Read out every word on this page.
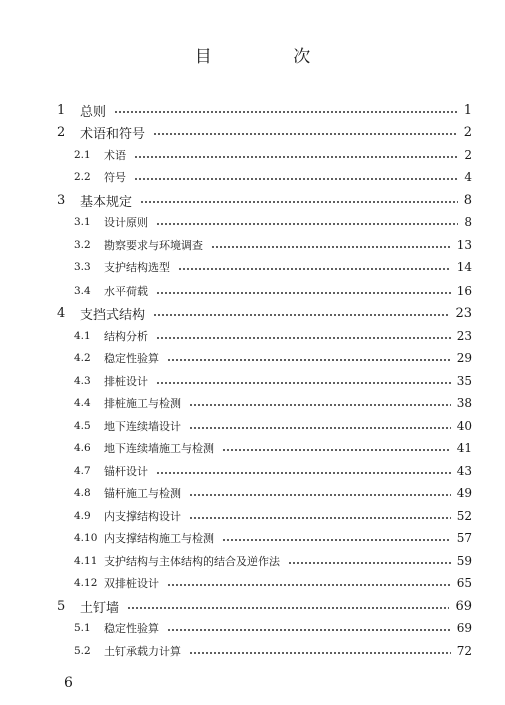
目 次
1 总则	1
2 术语和符号	2
2.1 术语	2
2.2 符号	4
3 基本规定	8
3.1 设计原则	8
3.2 勘察要求与环境调查	13
3.3 支护结构选型	14
3.4 水平荷载	16
4 支挡式结构	23
4.1 结构分析	23
4.2 稳定性验算	29
4.3 排桩设计	35
4.4 排桩施工与检测	38
4.5 地下连续墙设计	40
4.6 地下连续墙施工与检测	41
4.7 锚杆设计	43
4.8 锚杆施工与检测	49
4.9 内支撑结构设计	52
4.10 内支撑结构施工与检测	57
4.11 支护结构与主体结构的结合及逆作法	59
4.12 双排桩设计	65
5 土钉墙	69
5.1 稳定性验算	69
5.2 土钉承载力计算	72
6
